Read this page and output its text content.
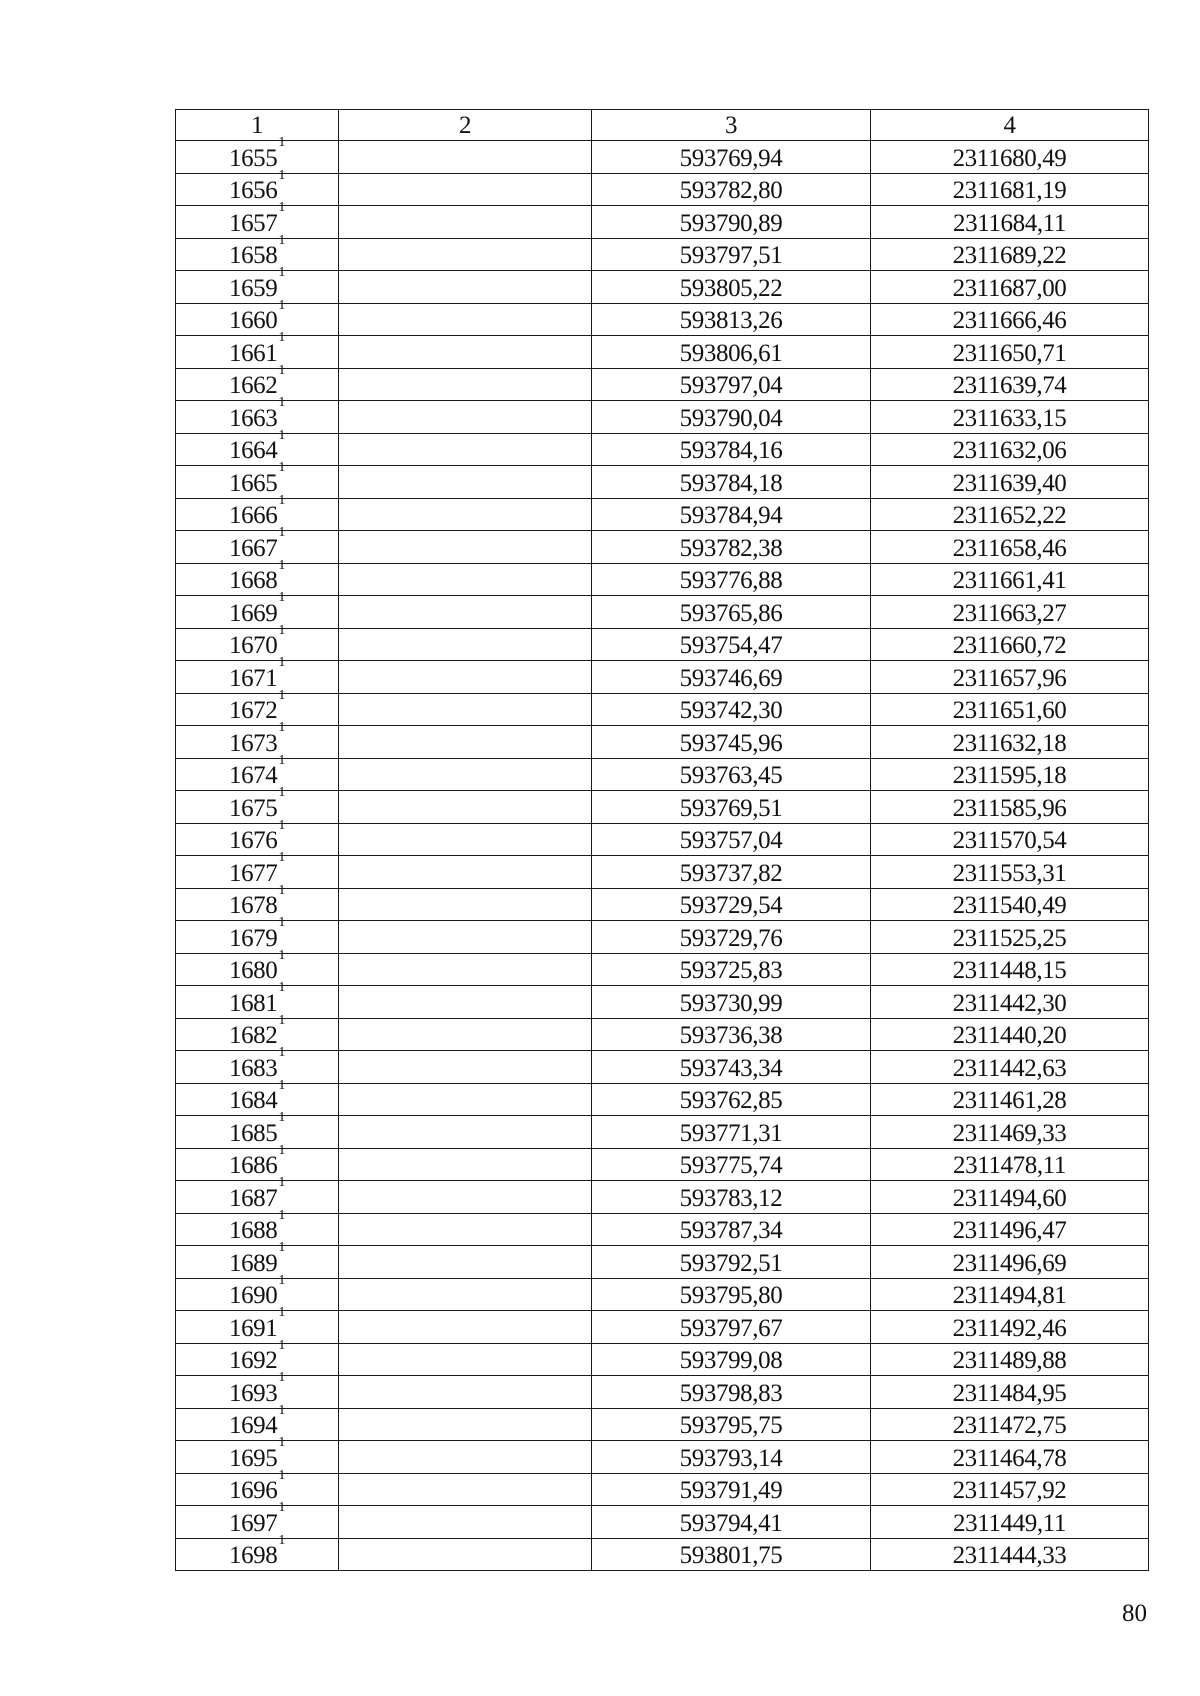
1	2	3	4
1655$^1$		593769,94	2311680,49
1656$^1$		593782,80	2311681,19
1657$^1$		593790,89	2311684,11
1658$^1$		593797,51	2311689,22
1659$^1$		593805,22	2311687,00
1660$^1$		593813,26	2311666,46
1661$^1$		593806,61	2311650,71
1662$^1$		593797,04	2311639,74
1663$^1$		593790,04	2311633,15
1664$^1$		593784,16	2311632,06
1665$^1$		593784,18	2311639,40
1666$^1$		593784,94	2311652,22
1667$^1$		593782,38	2311658,46
1668$^1$		593776,88	2311661,41
1669$^1$		593765,86	2311663,27
1670$^1$		593754,47	2311660,72
1671$^1$		593746,69	2311657,96
1672$^1$		593742,30	2311651,60
1673$^1$		593745,96	2311632,18
1674$^1$		593763,45	2311595,18
1675$^1$		593769,51	2311585,96
1676$^1$		593757,04	2311570,54
1677$^1$		593737,82	2311553,31
1678$^1$		593729,54	2311540,49
1679$^1$		593729,76	2311525,25
1680$^1$		593725,83	2311448,15
1681$^1$		593730,99	2311442,30
1682$^1$		593736,38	2311440,20
1683$^1$		593743,34	2311442,63
1684$^1$		593762,85	2311461,28
1685$^1$		593771,31	2311469,33
1686$^1$		593775,74	2311478,11
1687$^1$		593783,12	2311494,60
1688$^1$		593787,34	2311496,47
1689$^1$		593792,51	2311496,69
1690$^1$		593795,80	2311494,81
1691$^1$		593797,67	2311492,46
1692$^1$		593799,08	2311489,88
1693$^1$		593798,83	2311484,95
1694$^1$		593795,75	2311472,75
1695$^1$		593793,14	2311464,78
1696$^1$		593791,49	2311457,92
1697$^1$		593794,41	2311449,11
1698$^1$		593801,75	2311444,33
80
